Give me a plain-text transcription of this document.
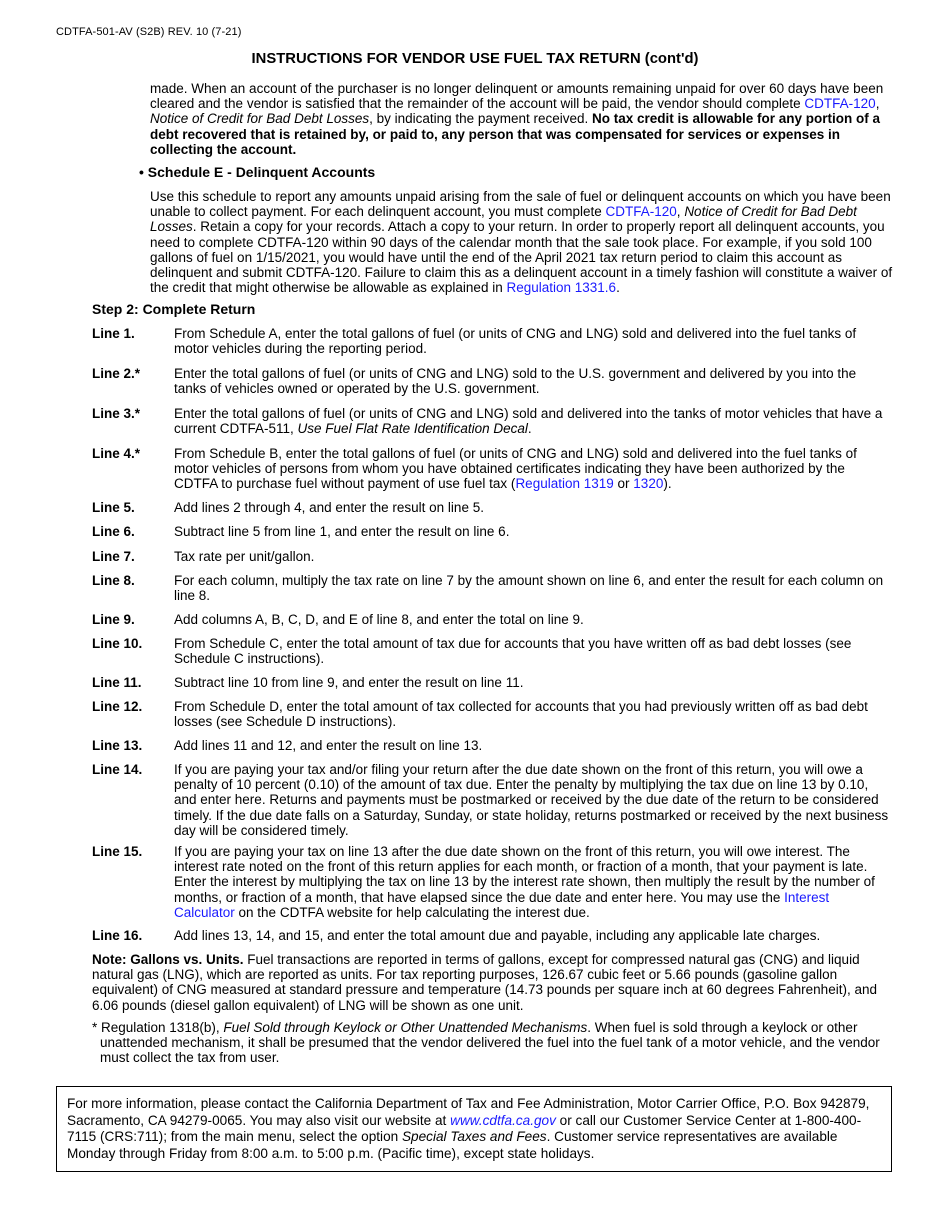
CDTFA-501-AV (S2B) REV. 10 (7-21)
INSTRUCTIONS FOR VENDOR USE FUEL TAX RETURN (cont'd)

made. When an account of the purchaser is no longer delinquent or amounts remaining unpaid for over 60 days have been cleared and the vendor is satisfied that the remainder of the account will be paid, the vendor should complete CDTFA-120, Notice of Credit for Bad Debt Losses, by indicating the payment received. No tax credit is allowable for any portion of a debt recovered that is retained by, or paid to, any person that was compensated for services or expenses in collecting the account.

• Schedule E - Delinquent Accounts

Use this schedule to report any amounts unpaid arising from the sale of fuel or delinquent accounts on which you have been unable to collect payment. For each delinquent account, you must complete CDTFA-120, Notice of Credit for Bad Debt Losses. Retain a copy for your records. Attach a copy to your return. In order to properly report all delinquent accounts, you need to complete CDTFA-120 within 90 days of the calendar month that the sale took place. For example, if you sold 100 gallons of fuel on 1/15/2021, you would have until the end of the April 2021 tax return period to claim this account as delinquent and submit CDTFA-120. Failure to claim this as a delinquent account in a timely fashion will constitute a waiver of the credit that might otherwise be allowable as explained in Regulation 1331.6.

Step 2: Complete Return
Line 1.	From Schedule A, enter the total gallons of fuel (or units of CNG and LNG) sold and delivered into the fuel tanks of motor vehicles during the reporting period.
Line 2.*	Enter the total gallons of fuel (or units of CNG and LNG) sold to the U.S. government and delivered by you into the tanks of vehicles owned or operated by the U.S. government.
Line 3.*	Enter the total gallons of fuel (or units of CNG and LNG) sold and delivered into the tanks of motor vehicles that have a current CDTFA-511, Use Fuel Flat Rate Identification Decal.
Line 4.*	From Schedule B, enter the total gallons of fuel (or units of CNG and LNG) sold and delivered into the fuel tanks of motor vehicles of persons from whom you have obtained certificates indicating they have been authorized by the CDTFA to purchase fuel without payment of use fuel tax (Regulation 1319 or 1320).
Line 5.	Add lines 2 through 4, and enter the result on line 5.
Line 6.	Subtract line 5 from line 1, and enter the result on line 6.
Line 7.	Tax rate per unit/gallon.
Line 8.	For each column, multiply the tax rate on line 7 by the amount shown on line 6, and enter the result for each column on line 8.
Line 9.	Add columns A, B, C, D, and E of line 8, and enter the total on line 9.
Line 10.	From Schedule C, enter the total amount of tax due for accounts that you have written off as bad debt losses (see Schedule C instructions).
Line 11.	Subtract line 10 from line 9, and enter the result on line 11.
Line 12.	From Schedule D, enter the total amount of tax collected for accounts that you had previously written off as bad debt losses (see Schedule D instructions).
Line 13.	Add lines 11 and 12, and enter the result on line 13.
Line 14.	If you are paying your tax and/or filing your return after the due date shown on the front of this return, you will owe a penalty of 10 percent (0.10) of the amount of tax due. Enter the penalty by multiplying the tax due on line 13 by 0.10, and enter here. Returns and payments must be postmarked or received by the due date of the return to be considered timely. If the due date falls on a Saturday, Sunday, or state holiday, returns postmarked or received by the next business day will be considered timely.
Line 15.	If you are paying your tax on line 13 after the due date shown on the front of this return, you will owe interest. The interest rate noted on the front of this return applies for each month, or fraction of a month, that your payment is late. Enter the interest by multiplying the tax on line 13 by the interest rate shown, then multiply the result by the number of months, or fraction of a month, that have elapsed since the due date and enter here. You may use the Interest Calculator on the CDTFA website for help calculating the interest due.
Line 16.	Add lines 13, 14, and 15, and enter the total amount due and payable, including any applicable late charges.

Note: Gallons vs. Units. Fuel transactions are reported in terms of gallons, except for compressed natural gas (CNG) and liquid natural gas (LNG), which are reported as units. For tax reporting purposes, 126.67 cubic feet or 5.66 pounds (gasoline gallon equivalent) of CNG measured at standard pressure and temperature (14.73 pounds per square inch at 60 degrees Fahrenheit), and 6.06 pounds (diesel gallon equivalent) of LNG will be shown as one unit.

* Regulation 1318(b), Fuel Sold through Keylock or Other Unattended Mechanisms. When fuel is sold through a keylock or other unattended mechanism, it shall be presumed that the vendor delivered the fuel into the fuel tank of a motor vehicle, and the vendor must collect the tax from user.

For more information, please contact the California Department of Tax and Fee Administration, Motor Carrier Office, P.O. Box 942879, Sacramento, CA 94279-0065. You may also visit our website at www.cdtfa.ca.gov or call our Customer Service Center at 1-800-400-7115 (CRS:711); from the main menu, select the option Special Taxes and Fees. Customer service representatives are available Monday through Friday from 8:00 a.m. to 5:00 p.m. (Pacific time), except state holidays.
